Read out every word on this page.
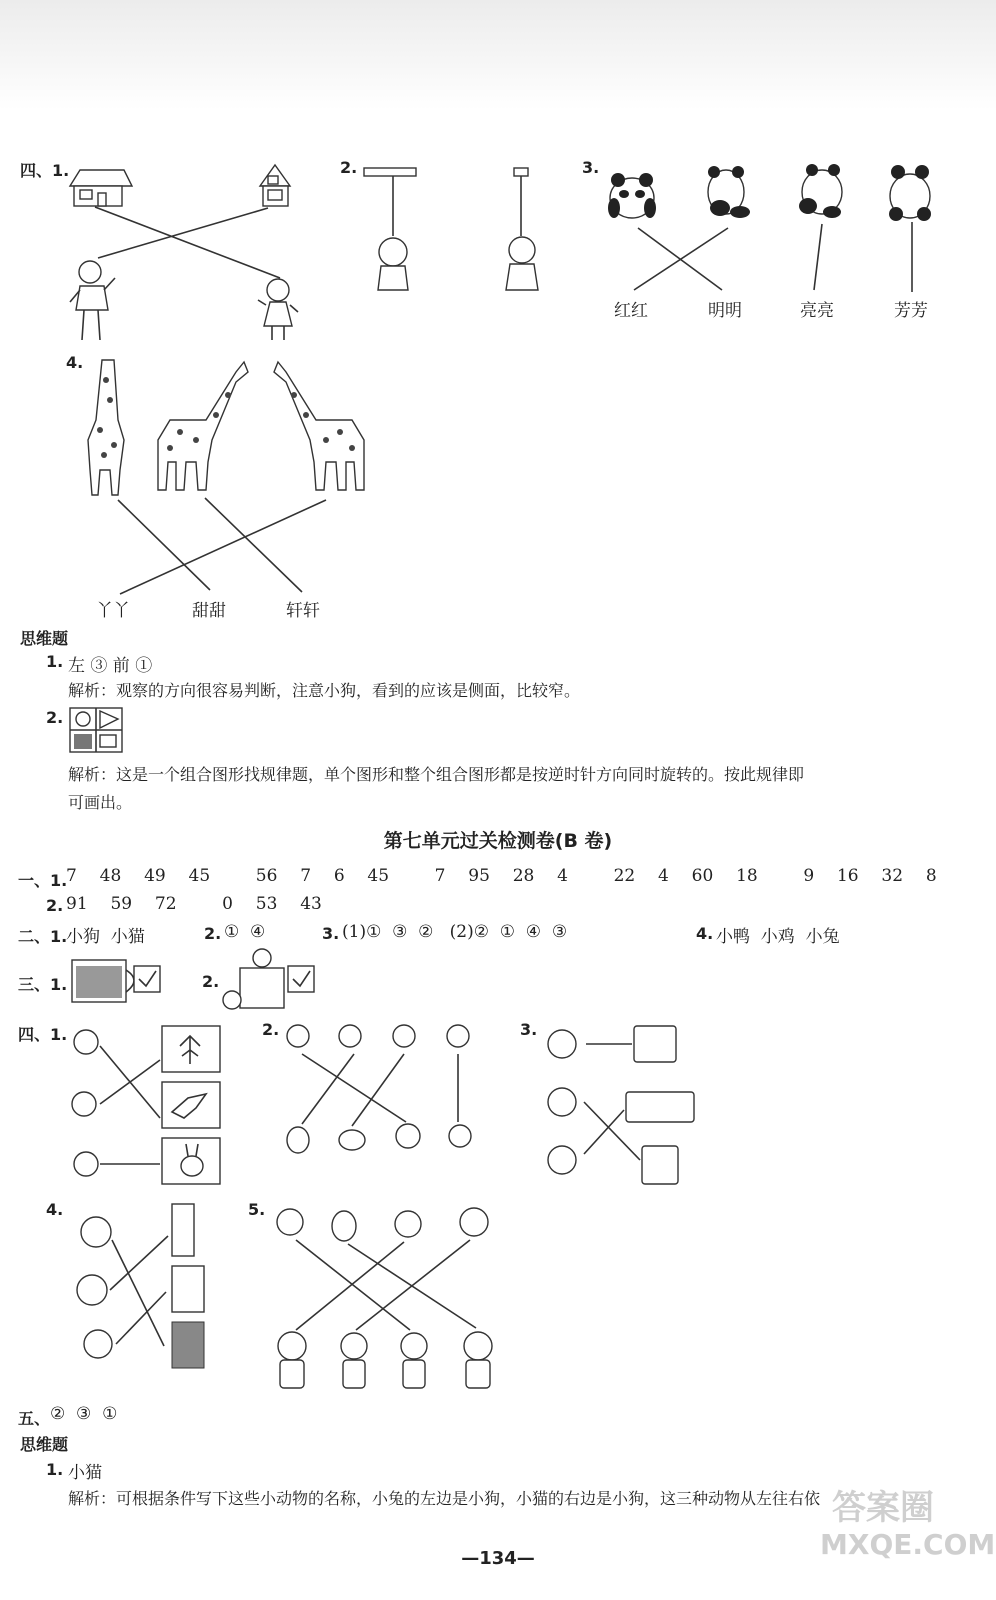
四、1.	2.	3.
红红	明明	亮亮	芳芳
4.
丫丫	甜甜	轩轩
思维题
1. 左 ③ 前 ①
解析：观察的方向很容易判断，注意小狗，看到的应该是侧面，比较窄。
2.
解析：这是一个组合图形找规律题，单个图形和整个组合图形都是按逆时针方向同时旋转的。按此规律即
可画出。
第七单元过关检测卷(B 卷)
一、1.
7  48  49  45    56  7  6  45    7  95  28  4    22  4  60  18    9  16  32  8
2. 91  59  72    0  53  43
二、1.
小狗  小猫	2. ①  ④	3. (1)①  ③  ②   (2)②  ①  ④  ③	4. 小鸭  小鸡  小兔
三、1.	2.
四、1.	2.	3.
4.	5.
五、 ②  ③  ①
思维题
1. 小猫
解析：可根据条件写下这些小动物的名称，小兔的左边是小狗，小猫的右边是小狗，这三种动物从左往右依
—134—
答案圈
MXQE.COM
